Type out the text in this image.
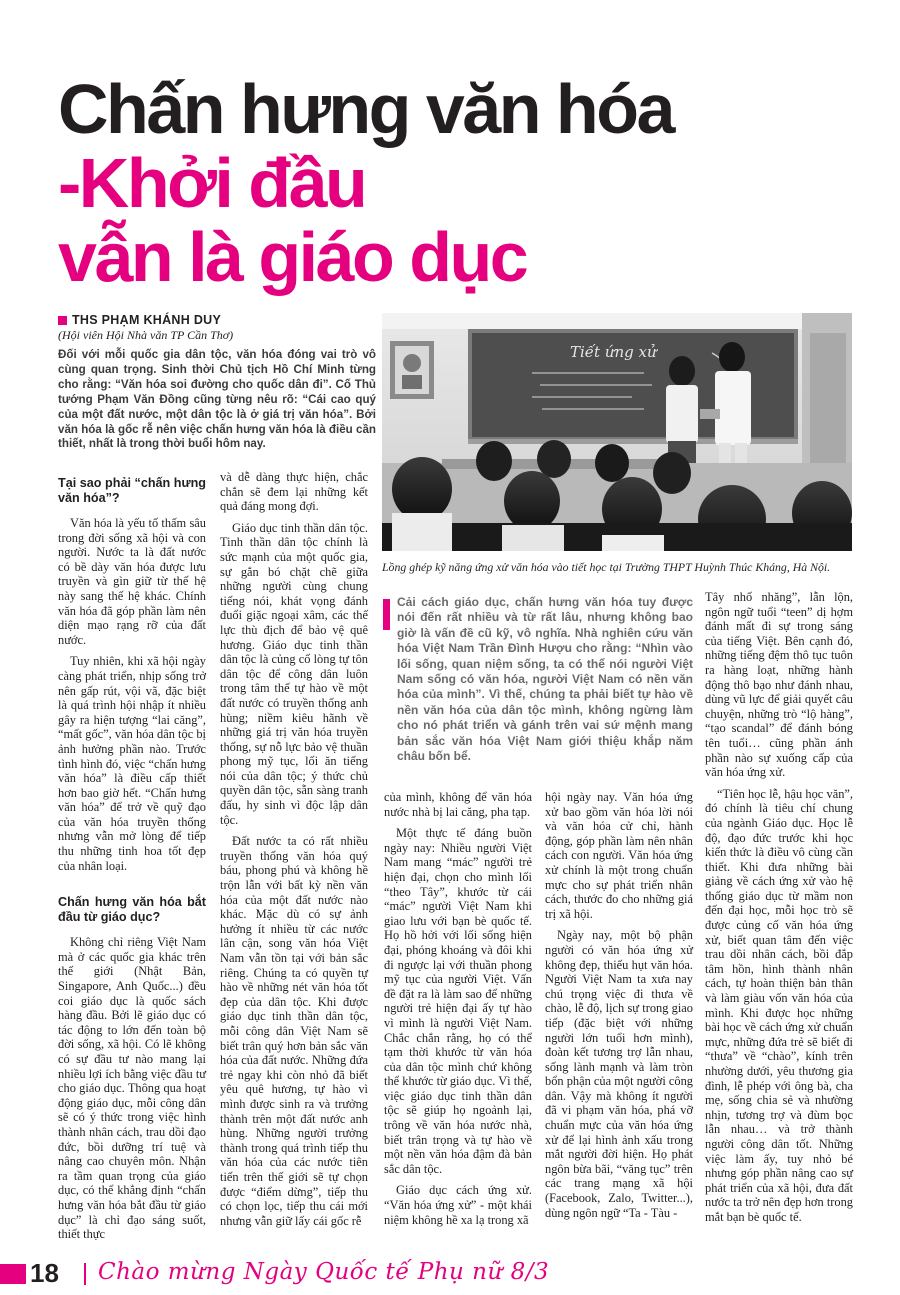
Chấn hưng văn hóa
-Khởi đầu
vẫn là giáo dục
THS PHẠM KHÁNH DUY
(Hội viên Hội Nhà văn TP Cần Thơ)

Đối với mỗi quốc gia dân tộc, văn hóa đóng vai trò vô cùng quan trọng. Sinh thời Chủ tịch Hồ Chí Minh từng cho rằng: “Văn hóa soi đường cho quốc dân đi”. Cố Thủ tướng Phạm Văn Đồng cũng từng nêu rõ: “Cái cao quý của một đất nước, một dân tộc là ở giá trị văn hóa”. Bởi văn hóa là gốc rễ nên việc chấn hưng văn hóa là điều cần thiết, nhất là trong thời buổi hôm nay.

Tiết ứng xử

Lồng ghép kỹ năng ứng xử văn hóa vào tiết học tại Trường THPT Huỳnh Thúc Kháng, Hà Nội.

Cải cách giáo dục, chấn hưng văn hóa tuy được nói đến rất nhiều và từ rất lâu, nhưng không bao giờ là vấn đề cũ kỹ, vô nghĩa. Nhà nghiên cứu văn hóa Việt Nam Trần Đình Hượu cho rằng: “Nhìn vào lối sống, quan niệm sống, ta có thể nói người Việt Nam sống có văn hóa, người Việt Nam có nền văn hóa của mình”. Vì thế, chúng ta phải biết tự hào về nền văn hóa của dân tộc mình, không ngừng làm cho nó phát triển và gánh trên vai sứ mệnh mang bản sắc văn hóa Việt Nam giới thiệu khắp năm châu bốn bể.

Tại sao phải “chấn hưng văn hóa”?

Văn hóa là yếu tố thấm sâu trong đời sống xã hội và con người. Nước ta là đất nước có bề dày văn hóa được lưu truyền và gìn giữ từ thế hệ này sang thế hệ khác. Chính văn hóa đã góp phần làm nên diện mạo rạng rỡ của đất nước.

Tuy nhiên, khi xã hội ngày càng phát triển, nhịp sống trở nên gấp rút, vội vã, đặc biệt là quá trình hội nhập ít nhiều gây ra hiện tượng “lai căng”, “mất gốc”, văn hóa dân tộc bị ảnh hưởng phần nào. Trước tình hình đó, việc “chấn hưng văn hóa” là điều cấp thiết hơn bao giờ hết. “Chấn hưng văn hóa” để trở về quỹ đạo của văn hóa truyền thống nhưng vẫn mở lòng để tiếp thu những tinh hoa tốt đẹp của nhân loại.

Chấn hưng văn hóa bắt đầu từ giáo dục?

Không chỉ riêng Việt Nam mà ở các quốc gia khác trên thế giới (Nhật Bản, Singapore, Anh Quốc...) đều coi giáo dục là quốc sách hàng đầu. Bởi lẽ giáo dục có tác động to lớn đến toàn bộ đời sống, xã hội. Có lẽ không có sự đầu tư nào mang lại nhiều lợi ích bằng việc đầu tư cho giáo dục. Thông qua hoạt động giáo dục, mỗi công dân sẽ có ý thức trong việc hình thành nhân cách, trau dồi đạo đức, bồi dưỡng trí tuệ và nâng cao chuyên môn. Nhận ra tầm quan trọng của giáo dục, có thể khẳng định “chấn hưng văn hóa bắt đầu từ giáo dục” là chỉ đạo sáng suốt, thiết thực

và dễ dàng thực hiện, chắc chắn sẽ đem lại những kết quả đáng mong đợi.

Giáo dục tinh thần dân tộc. Tinh thần dân tộc chính là sức mạnh của một quốc gia, sự gắn bó chặt chẽ giữa những người cùng chung tiếng nói, khát vọng đánh đuổi giặc ngoại xâm, các thế lực thù địch để bảo vệ quê hương. Giáo dục tinh thần dân tộc là củng cố lòng tự tôn dân tộc để công dân luôn trong tâm thế tự hào về một đất nước có truyền thống anh hùng; niềm kiêu hãnh về những giá trị văn hóa truyền thống, sự nỗ lực bảo vệ thuần phong mỹ tục, lối ăn tiếng nói của dân tộc; ý thức chủ quyền dân tộc, sẵn sàng tranh đấu, hy sinh vì độc lập dân tộc.

Đất nước ta có rất nhiều truyền thống văn hóa quý báu, phong phú và không hề trộn lẫn với bất kỳ nền văn hóa của một đất nước nào khác. Mặc dù có sự ảnh hưởng ít nhiều từ các nước lân cận, song văn hóa Việt Nam vẫn tồn tại với bản sắc riêng. Chúng ta có quyền tự hào về những nét văn hóa tốt đẹp của dân tộc. Khi được giáo dục tinh thần dân tộc, mỗi công dân Việt Nam sẽ biết trân quý hơn bản sắc văn hóa của đất nước. Những đứa trẻ ngay khi còn nhỏ đã biết yêu quê hương, tự hào vì mình được sinh ra và trưởng thành trên một đất nước anh hùng. Những người trưởng thành trong quá trình tiếp thu văn hóa của các nước tiên tiến trên thế giới sẽ tự chọn được “điểm dừng”, tiếp thu có chọn lọc, tiếp thu cái mới nhưng vẫn giữ lấy cái gốc rễ

của mình, không để văn hóa nước nhà bị lai căng, pha tạp.

Một thực tế đáng buồn ngày nay: Nhiều người Việt Nam mang “mác” người trẻ hiện đại, chọn cho mình lối “theo Tây”, khước từ cái “mác” người Việt Nam khi giao lưu với bạn bè quốc tế. Họ hồ hởi với lối sống hiện đại, phóng khoáng và đôi khi đi ngược lại với thuần phong mỹ tục của người Việt. Vấn đề đặt ra là làm sao để những người trẻ hiện đại ấy tự hào vì mình là người Việt Nam. Chắc chắn rằng, họ có thể tạm thời khước từ văn hóa của dân tộc mình chứ không thể khước từ giáo dục. Vì thế, việc giáo dục tinh thần dân tộc sẽ giúp họ ngoảnh lại, trông về văn hóa nước nhà, biết trân trọng và tự hào về một nền văn hóa đậm đà bản sắc dân tộc.

Giáo dục cách ứng xử. “Văn hóa ứng xử” - một khái niệm không hề xa lạ trong xã

hội ngày nay. Văn hóa ứng xử bao gồm văn hóa lời nói và văn hóa cử chỉ, hành động, góp phần làm nên nhân cách con người. Văn hóa ứng xử chính là một trong chuẩn mực cho sự phát triển nhân cách, thước đo cho những giá trị xã hội.

Ngày nay, một bộ phận người có văn hóa ứng xử không đẹp, thiếu hụt văn hóa. Người Việt Nam ta xưa nay chú trọng việc đi thưa về chào, lễ độ, lịch sự trong giao tiếp (đặc biệt với những người lớn tuổi hơn mình), đoàn kết tương trợ lẫn nhau, sống lành mạnh và làm tròn bổn phận của một người công dân. Vậy mà không ít người đã vi phạm văn hóa, phá vỡ chuẩn mực của văn hóa ứng xử để lại hình ảnh xấu trong mắt người đời hiện. Họ phát ngôn bừa bãi, “văng tục” trên các trang mạng xã hội (Facebook, Zalo, Twitter...), dùng ngôn ngữ “Ta - Tàu -

Tây nhố nhăng”, lẫn lộn, ngôn ngữ tuổi “teen” dị hợm đánh mất đi sự trong sáng của tiếng Việt. Bên cạnh đó, những tiếng đệm thô tục tuôn ra hàng loạt, những hành động thô bạo như đánh nhau, dùng vũ lực để giải quyết câu chuyện, những trò “lộ hàng”, “tạo scandal” để đánh bóng tên tuổi… cũng phần ánh phần nào sự xuống cấp của văn hóa ứng xử.

“Tiên học lễ, hậu học văn”, đó chính là tiêu chí chung của ngành Giáo dục. Học lễ độ, đạo đức trước khi học kiến thức là điều vô cùng cần thiết. Khi đưa những bài giảng về cách ứng xử vào hệ thống giáo dục từ mầm non đến đại học, mỗi học trò sẽ được củng cố văn hóa ứng xử, biết quan tâm đến việc trau dồi nhân cách, bồi đắp tâm hồn, hình thành nhân cách, tự hoàn thiện bản thân và làm giàu vốn văn hóa của mình. Khi được học những bài học về cách ứng xử chuẩn mực, những đứa trẻ sẽ biết đi “thưa” về “chào”, kính trên nhường dưới, yêu thương gia đình, lễ phép với ông bà, cha mẹ, sống chia sẻ và nhường nhịn, tương trợ và đùm bọc lẫn nhau… và trở thành người công dân tốt. Những việc làm ấy, tuy nhỏ bé nhưng góp phần nâng cao sự phát triển của xã hội, đưa đất nước ta trở nên đẹp hơn trong mắt bạn bè quốc tế.

18 Chào mừng Ngày Quốc tế Phụ nữ 8/3
